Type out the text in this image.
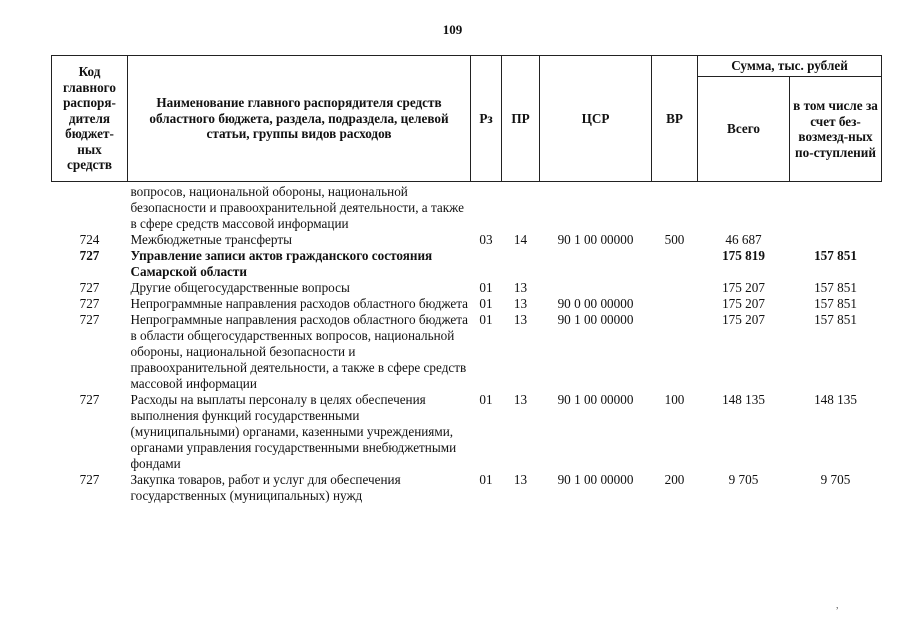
109
Код главного распоря-дителя бюджет-ных средств	Наименование главного распорядителя средств областного бюджета, раздела, подраздела, целевой статьи, группы видов расходов	Рз	ПР	ЦСР	ВР	Сумма, тыс. рублей	
						Всего	в том числе за счет без-возмезд-ных по-ступлений
	вопросов, национальной обороны, национальной безопасности и правоохранительной деятельности, а также в сфере средств массовой информации						
724	Межбюджетные трансферты	03	14	90 1 00 00000	500	46 687	
727	Управление записи актов гражданского состояния Самарской области					175 819	157 851
727	Другие общегосударственные вопросы	01	13			175 207	157 851
727	Непрограммные направления расходов областного бюджета	01	13	90 0 00 00000		175 207	157 851
727	Непрограммные направления расходов областного бюджета в области общегосударственных вопросов, национальной обороны, национальной безопасности и правоохранительной деятельности, а также в сфере средств массовой информации	01	13	90 1 00 00000		175 207	157 851
727	Расходы на выплаты персоналу в целях обеспечения выполнения функций государственными (муниципальными) органами, казенными учреждениями, органами управления государственными внебюджетными фондами	01	13	90 1 00 00000	100	148 135	148 135
727	Закупка товаров, работ и услуг для обеспечения государственных (муниципальных) нужд	01	13	90 1 00 00000	200	9 705	9 705
,
